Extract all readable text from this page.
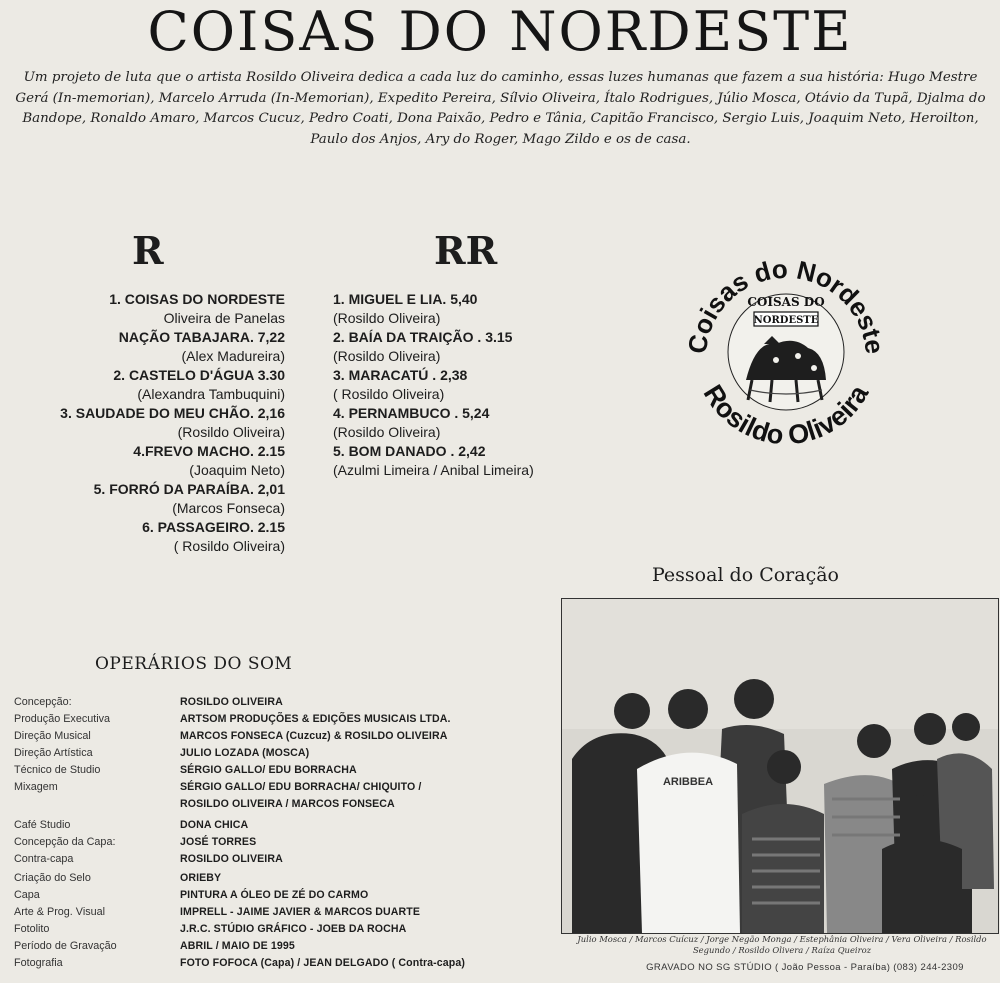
COISAS DO NORDESTE
Um projeto de luta que o artista Rosildo Oliveira dedica a cada luz do caminho, essas luzes humanas que fazem a sua história: Hugo Mestre Gerá (In-memorian), Marcelo Arruda (In-Memorian), Expedito Pereira, Sílvio Oliveira, Ítalo Rodrigues, Júlio Mosca, Otávio da Tupã, Djalma do Bandope, Ronaldo Amaro, Marcos Cucuz, Pedro Coati, Dona Paixão, Pedro e Tânia, Capitão Francisco, Sergio Luis, Joaquim Neto, Heroilton, Paulo dos Anjos, Ary do Roger, Mago Zildo e os de casa.
R	RR
1. COISAS DO NORDESTE
Oliveira de Panelas
NAÇÃO TABAJARA. 7,22
(Alex Madureira)
2. CASTELO D'ÁGUA 3.30
(Alexandra Tambuquini)
3. SAUDADE DO MEU CHÃO. 2,16
(Rosildo Oliveira)
4.FREVO MACHO. 2.15
(Joaquim Neto)
5. FORRÓ DA PARAÍBA. 2,01
(Marcos Fonseca)
6. PASSAGEIRO. 2.15
( Rosildo Oliveira)
1. MIGUEL E LIA. 5,40
(Rosildo Oliveira)
2. BAÍA DA TRAIÇÃO . 3.15
(Rosildo Oliveira)
3. MARACATÚ . 2,38
( Rosildo Oliveira)
4. PERNAMBUCO . 5,24
(Rosildo Oliveira)
5. BOM DANADO . 2,42
(Azulmi Limeira / Anibal Limeira)
Coisas do Nordeste
Rosildo Oliveira
COISAS DO
NORDESTE
Pessoal do Coração
ARIBBEA
Julio Mosca / Marcos Cuícuz / Jorge Negão Monga / Estephânia Oliveira / Vera Oliveira / Rosildo
Segundo / Rosildo Olivera / Raíza Queiroz
GRAVADO NO SG STÚDIO ( João Pessoa - Paraíba) (083) 244-2309
OPERÁRIOS DO SOM
Concepção:	ROSILDO OLIVEIRA
Produção Executiva	ARTSOM PRODUÇÕES & EDIÇÕES MUSICAIS LTDA.
Direção Musical	MARCOS FONSECA (Cuzcuz) & ROSILDO OLIVEIRA
Direção Artística	JULIO LOZADA (MOSCA)
Técnico de Studio	SÉRGIO GALLO/ EDU BORRACHA
Mixagem	SÉRGIO GALLO/ EDU BORRACHA/ CHIQUITO /
ROSILDO OLIVEIRA / MARCOS FONSECA
Café Studio	DONA CHICA
Concepção da Capa:	JOSÉ TORRES
Contra-capa	ROSILDO OLIVEIRA
Criação do Selo	ORIEBY
Capa	PINTURA A ÓLEO DE ZÉ DO CARMO
Arte & Prog. Visual	IMPRELL - JAIME JAVIER & MARCOS DUARTE
Fotolito	J.R.C. STÚDIO GRÁFICO - JOEB DA ROCHA
Período de Gravação	ABRIL / MAIO DE 1995
Fotografia	FOTO FOFOCA (Capa) / JEAN DELGADO ( Contra-capa)
